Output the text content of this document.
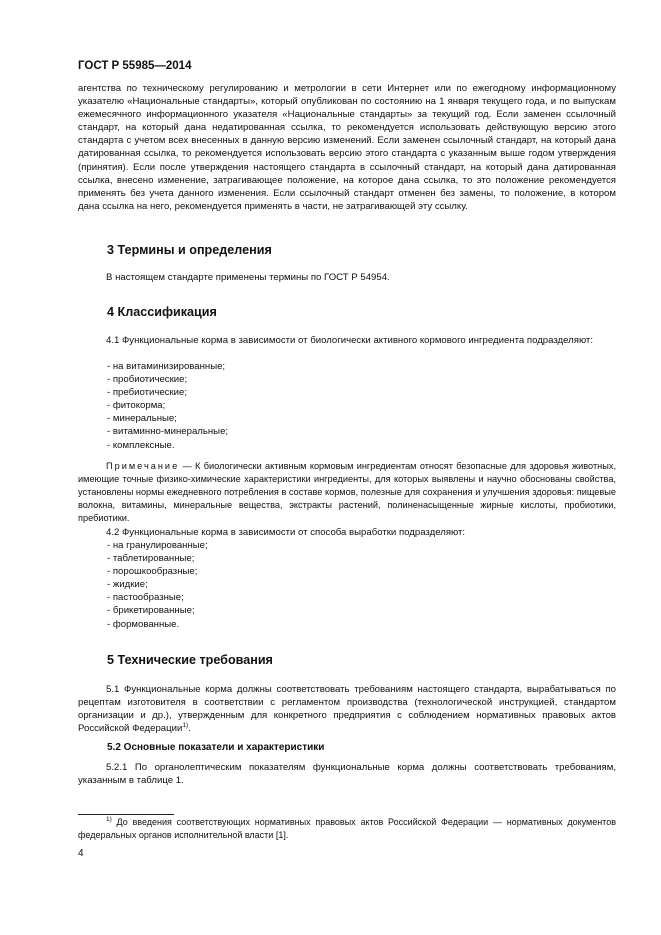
ГОСТ Р 55985—2014

агентства по техническому регулированию и метрологии в сети Интернет или по ежегодному информационному указателю «Национальные стандарты», который опубликован по состоянию на 1 января текущего года, и по выпускам ежемесячного информационного указателя «Национальные стандарты» за текущий год. Если заменен ссылочный стандарт, на который дана недатированная ссылка, то рекомендуется использовать действующую версию этого стандарта с учетом всех внесенных в данную версию изменений. Если заменен ссылочный стандарт, на который дана датированная ссылка, то рекомендуется использовать версию этого стандарта с указанным выше годом утверждения (принятия). Если после утверждения настоящего стандарта в ссылочный стандарт, на который дана датированная ссылка, внесено изменение, затрагивающее положение, на которое дана ссылка, то это положение рекомендуется применять без учета данного изменения. Если ссылочный стандарт отменен без замены, то положение, в котором дана ссылка на него, рекомендуется применять в части, не затрагивающей эту ссылку.

3 Термины и определения

В настоящем стандарте применены термины по ГОСТ Р 54954.

4 Классификация

4.1 Функциональные корма в зависимости от биологически активного кормового ингредиента подразделяют:

- на витаминизированные;
- пробиотические;
- пребиотические;
- фитокорма;
- минеральные;
- витаминно-минеральные;
- комплексные.

Примечание — К биологически активным кормовым ингредиентам относят безопасные для здоровья животных, имеющие точные физико-химические характеристики ингредиенты, для которых выявлены и научно обоснованы свойства, установлены нормы ежедневного потребления в составе кормов, полезные для сохранения и улучшения здоровья: пищевые волокна, витамины, минеральные вещества, экстракты растений, полиненасыщенные жирные кислоты, пробиотики, пребиотики.

4.2 Функциональные корма в зависимости от способа выработки подразделяют:

- на гранулированные;
- таблетированные;
- порошкообразные;
- жидкие;
- пастообразные;
- брикетированные;
- формованные.
5 Технические требования

5.1 Функциональные корма должны соответствовать требованиям настоящего стандарта, вырабатываться по рецептам изготовителя в соответствии с регламентом производства (технологической инструкцией, стандартом организации и др.), утвержденным для конкретного предприятия с соблюдением нормативных правовых актов Российской Федерации$^{1)}$.

5.2 Основные показатели и характеристики

5.2.1 По органолептическим показателям функциональные корма должны соответствовать требованиям, указанным в таблице 1.

$^{1)}$ До введения соответствующих нормативных правовых актов Российской Федерации — нормативных документов федеральных органов исполнительной власти [1].

4
